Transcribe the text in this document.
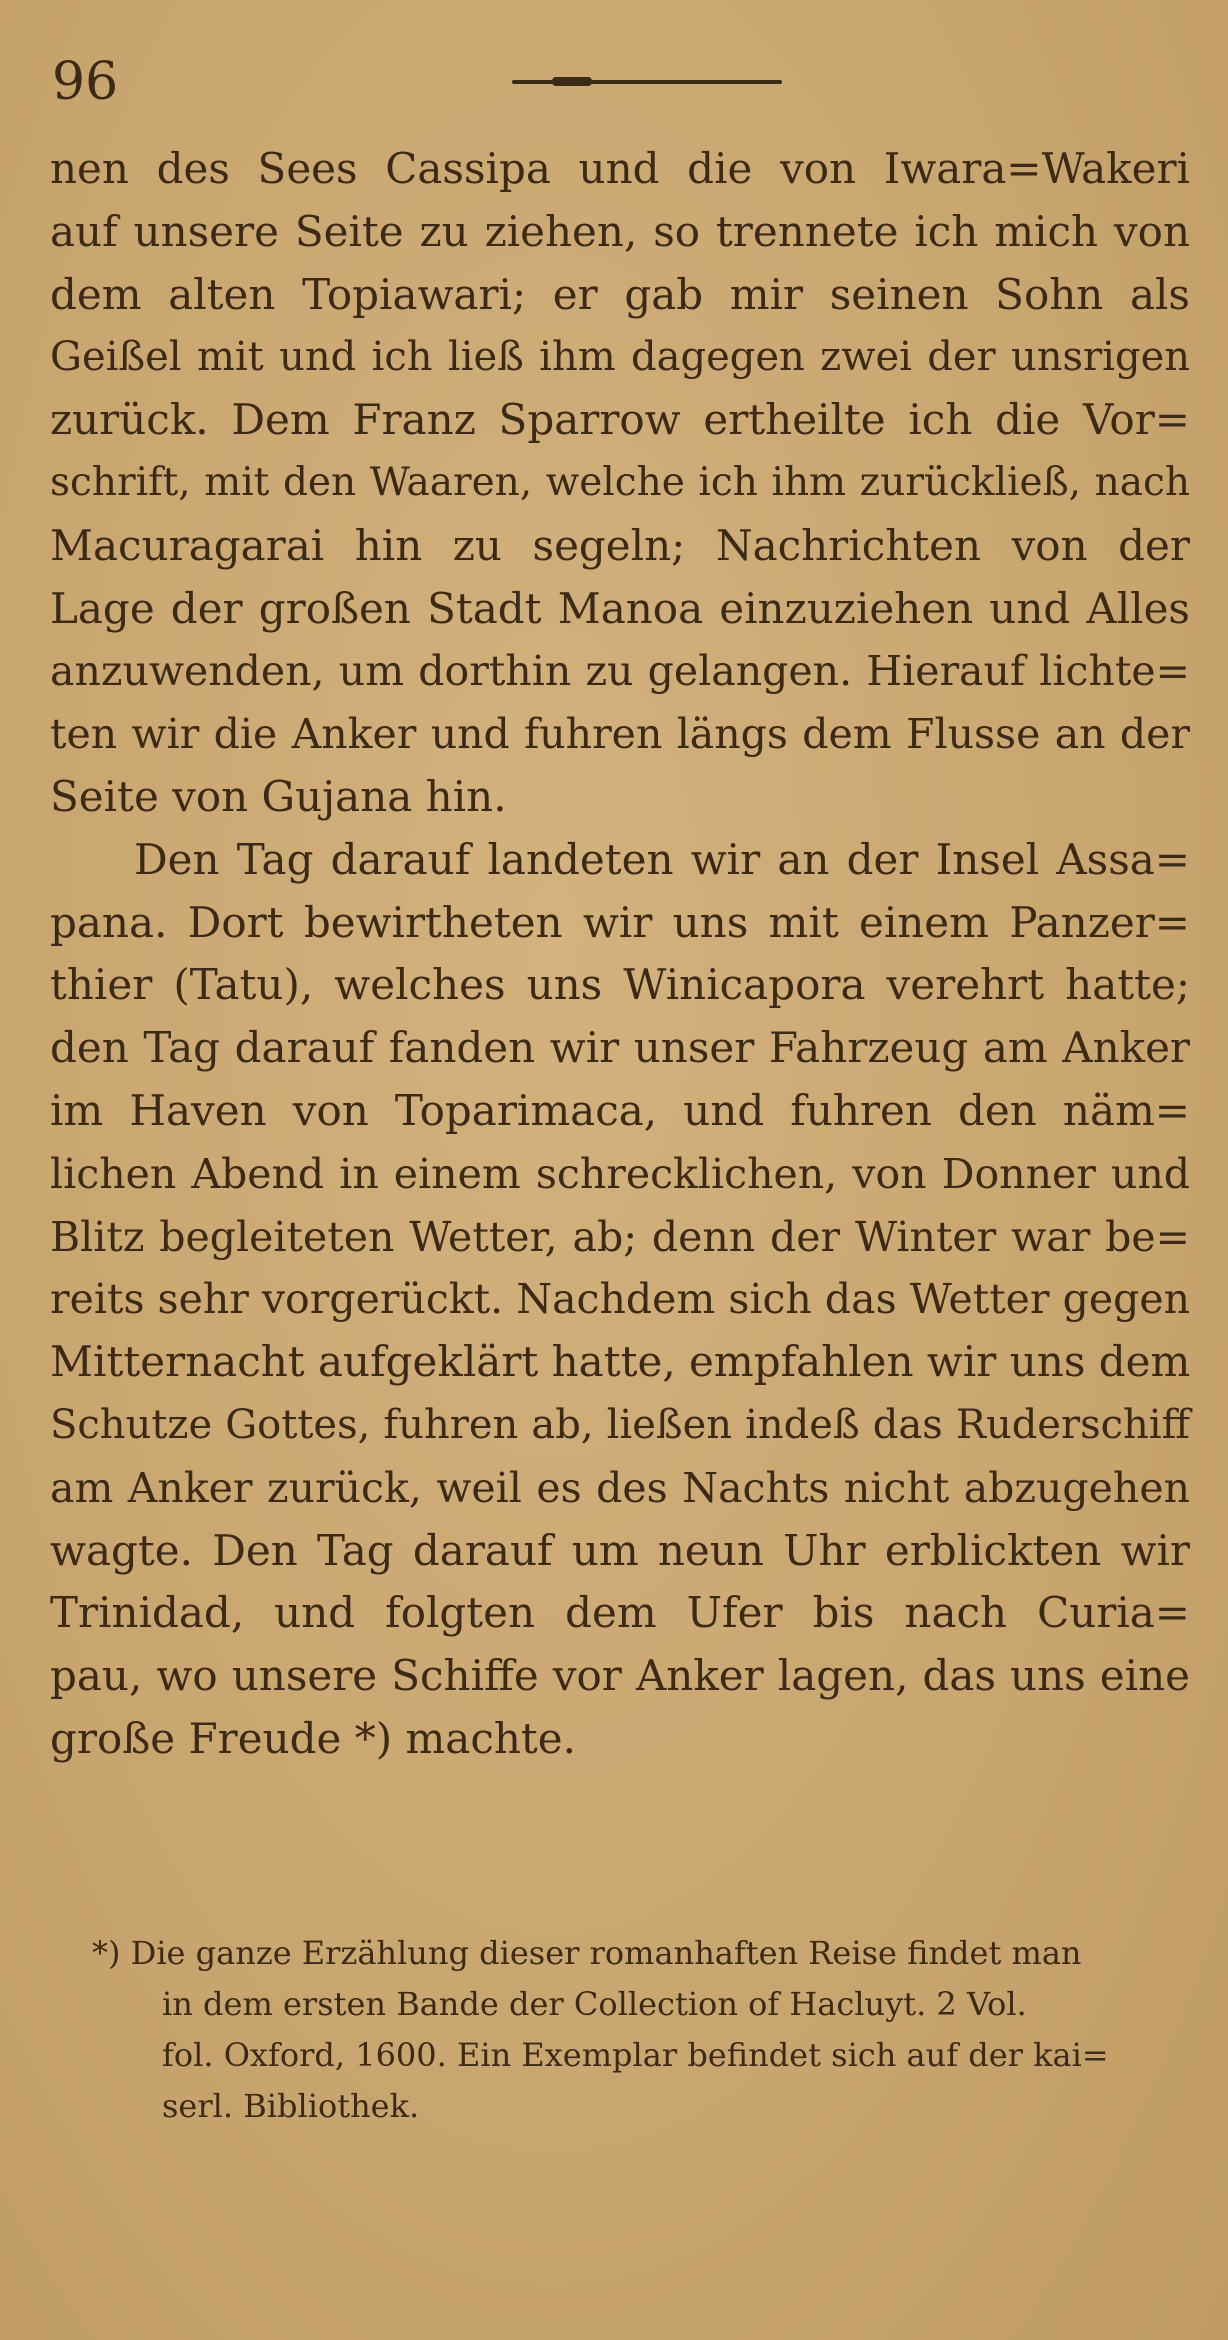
96
nen des Sees Cassipa und die von Iwara=Wakeri
auf unsere Seite zu ziehen, so trennete ich mich von
dem alten Topiawari; er gab mir seinen Sohn als
Geißel mit und ich ließ ihm dagegen zwei der unsrigen
zurück. Dem Franz Sparrow ertheilte ich die Vor=
schrift, mit den Waaren, welche ich ihm zurückließ, nach
Macuragarai hin zu segeln; Nachrichten von der
Lage der großen Stadt Manoa einzuziehen und Alles
anzuwenden, um dorthin zu gelangen. Hierauf lichte=
ten wir die Anker und fuhren längs dem Flusse an der
Seite von Gujana hin.
Den Tag darauf landeten wir an der Insel Assa=
pana. Dort bewirtheten wir uns mit einem Panzer=
thier (Tatu), welches uns Winicapora verehrt hatte;
den Tag darauf fanden wir unser Fahrzeug am Anker
im Haven von Toparimaca, und fuhren den näm=
lichen Abend in einem schrecklichen, von Donner und
Blitz begleiteten Wetter, ab; denn der Winter war be=
reits sehr vorgerückt. Nachdem sich das Wetter gegen
Mitternacht aufgeklärt hatte, empfahlen wir uns dem
Schutze Gottes, fuhren ab, ließen indeß das Ruderschiff
am Anker zurück, weil es des Nachts nicht abzugehen
wagte. Den Tag darauf um neun Uhr erblickten wir
Trinidad, und folgten dem Ufer bis nach Curia=
pau, wo unsere Schiffe vor Anker lagen, das uns eine
große Freude *) machte.
*) Die ganze Erzählung dieser romanhaften Reise findet man
in dem ersten Bande der Collection of Hacluyt. 2 Vol.
fol. Oxford, 1600. Ein Exemplar befindet sich auf der kai=
serl. Bibliothek.
